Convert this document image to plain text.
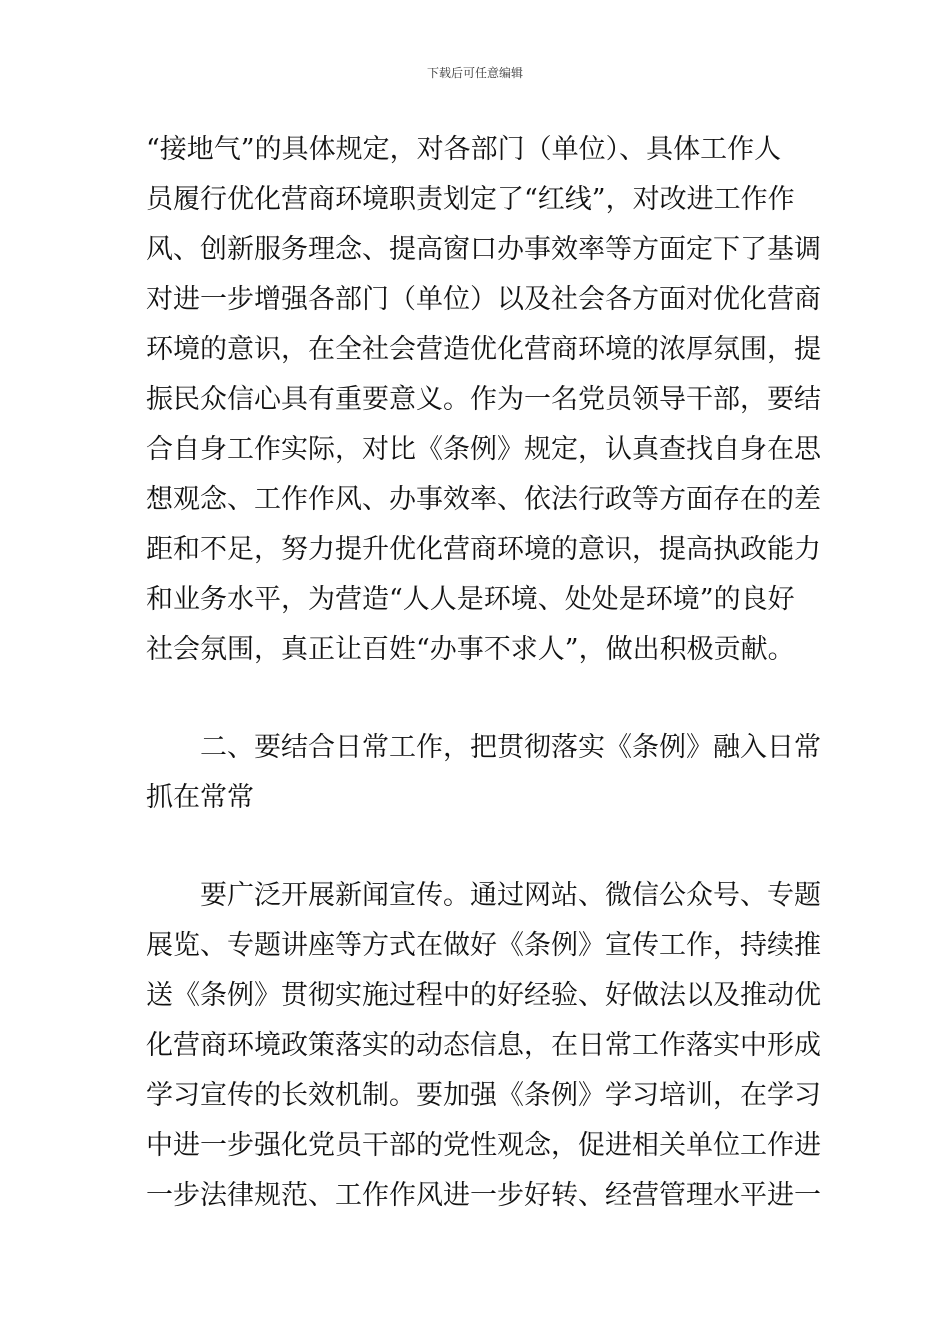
下载后可任意编辑
“接地气”的具体规定，对各部门（单位）、具体工作人
员履行优化营商环境职责划定了“红线”，对改进工作作
风、创新服务理念、提高窗口办事效率等方面定下了基调
对进一步增强各部门（单位）以及社会各方面对优化营商
环境的意识，在全社会营造优化营商环境的浓厚氛围，提
振民众信心具有重要意义。作为一名党员领导干部，要结
合自身工作实际，对比《条例》规定，认真查找自身在思
想观念、工作作风、办事效率、依法行政等方面存在的差
距和不足，努力提升优化营商环境的意识，提高执政能力
和业务水平，为营造“人人是环境、处处是环境”的良好
社会氛围，真正让百姓“办事不求人”，做出积极贡献。
　　二、要结合日常工作，把贯彻落实《条例》融入日常
抓在常常
　　要广泛开展新闻宣传。通过网站、微信公众号、专题
展览、专题讲座等方式在做好《条例》宣传工作，持续推
送《条例》贯彻实施过程中的好经验、好做法以及推动优
化营商环境政策落实的动态信息，在日常工作落实中形成
学习宣传的长效机制。要加强《条例》学习培训，在学习
中进一步强化党员干部的党性观念，促进相关单位工作进
一步法律规范、工作作风进一步好转、经营管理水平进一
